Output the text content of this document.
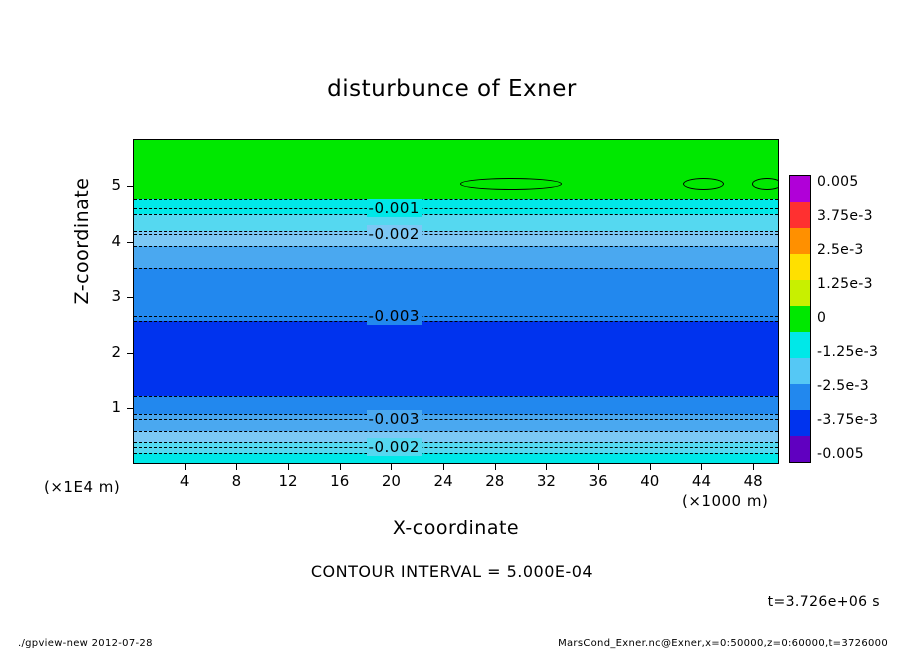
disturbunce of Exner
-0.001
-0.002
-0.003
-0.003
-0.002
Z-coordinate
(×1E4 m)
X-coordinate
(×1000 m)
1
2
3
4
5
4	8	12	16	20	24	28	32	36	40	44	48
0.005
3.75e-3
2.5e-3
1.25e-3
0
-1.25e-3
-2.5e-3
-3.75e-3
-0.005
CONTOUR INTERVAL = 5.000E-04
t=3.726e+06 s
./gpview-new 2012-07-28	MarsCond_Exner.nc@Exner,x=0:50000,z=0:60000,t=3726000
